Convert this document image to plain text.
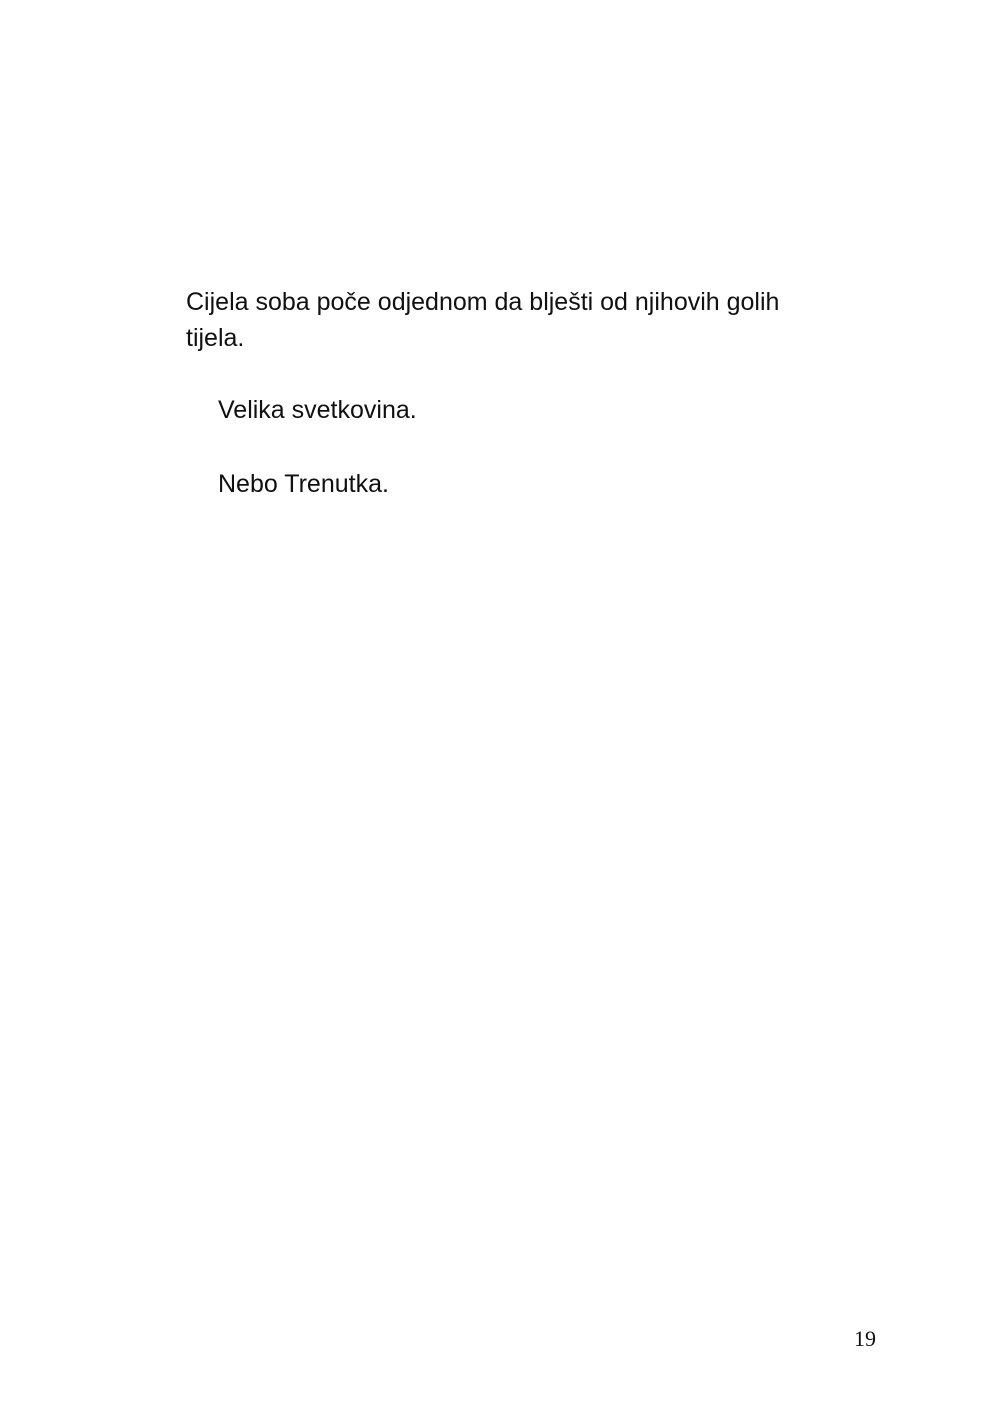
Cijela soba poče odjednom da blješti od njihovih golih tijela.

Velika svetkovina.

Nebo Trenutka.

19
